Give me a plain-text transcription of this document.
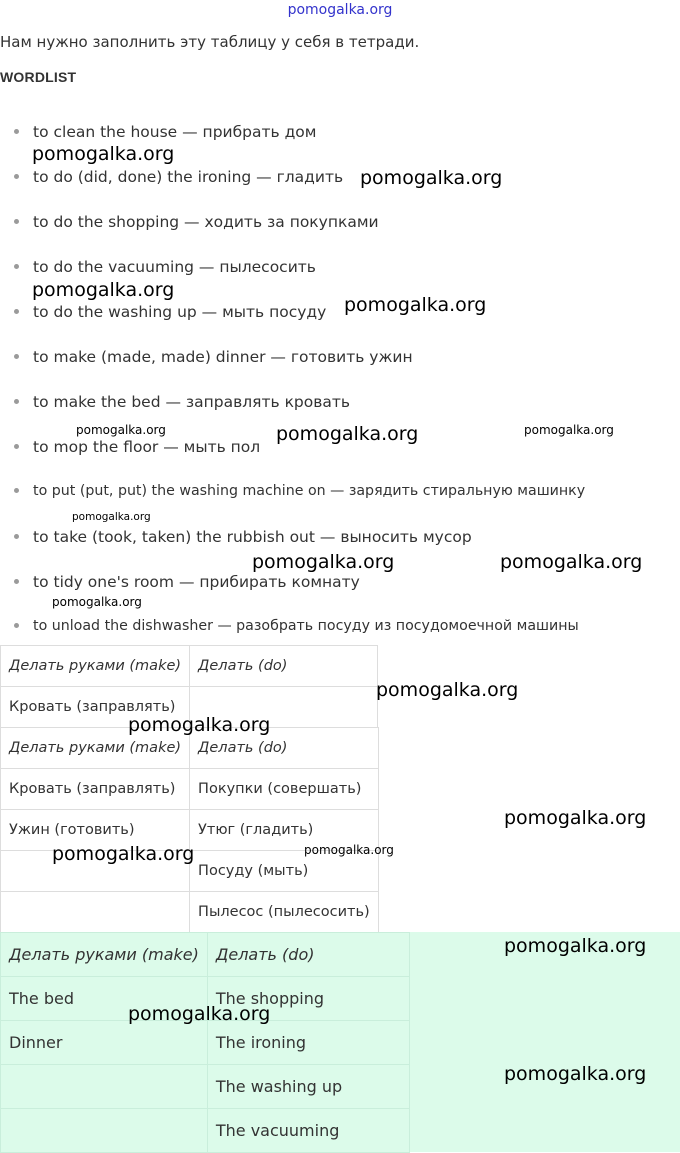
pomogalka.org
Нам нужно заполнить эту таблицу у себя в тетради.
WORDLIST
to clean the house — прибрать дом
to do (did, done) the ironing — гладить
to do the shopping — ходить за покупками
to do the vacuuming — пылесосить
to do the washing up — мыть посуду
to make (made, made) dinner — готовить ужин
to make the bed — заправлять кровать
to mop the floor — мыть пол
to put (put, put) the washing machine on — зарядить стиральную машинку
to take (took, taken) the rubbish out — выносить мусор
to tidy one's room — прибирать комнату
to unload the dishwasher — разобрать посуду из посудомоечной машины
Делать руками (make)	Делать (do)
Кровать (заправлять)	
Делать руками (make)	Делать (do)
Кровать (заправлять)	Покупки (совершать)
Ужин (готовить)	Утюг (гладить)
	Посуду (мыть)
	Пылесос (пылесосить)
Делать руками (make)	Делать (do)
The bed	The shopping
Dinner	The ironing
	The washing up
	The vacuuming
pomogalka.org
pomogalka.org
pomogalka.org
pomogalka.org
pomogalka.org	pomogalka.org	pomogalka.org
pomogalka.org
pomogalka.org	pomogalka.org
pomogalka.org
pomogalka.org
pomogalka.org
pomogalka.org
pomogalka.org	pomogalka.org
pomogalka.org
pomogalka.org
pomogalka.org
